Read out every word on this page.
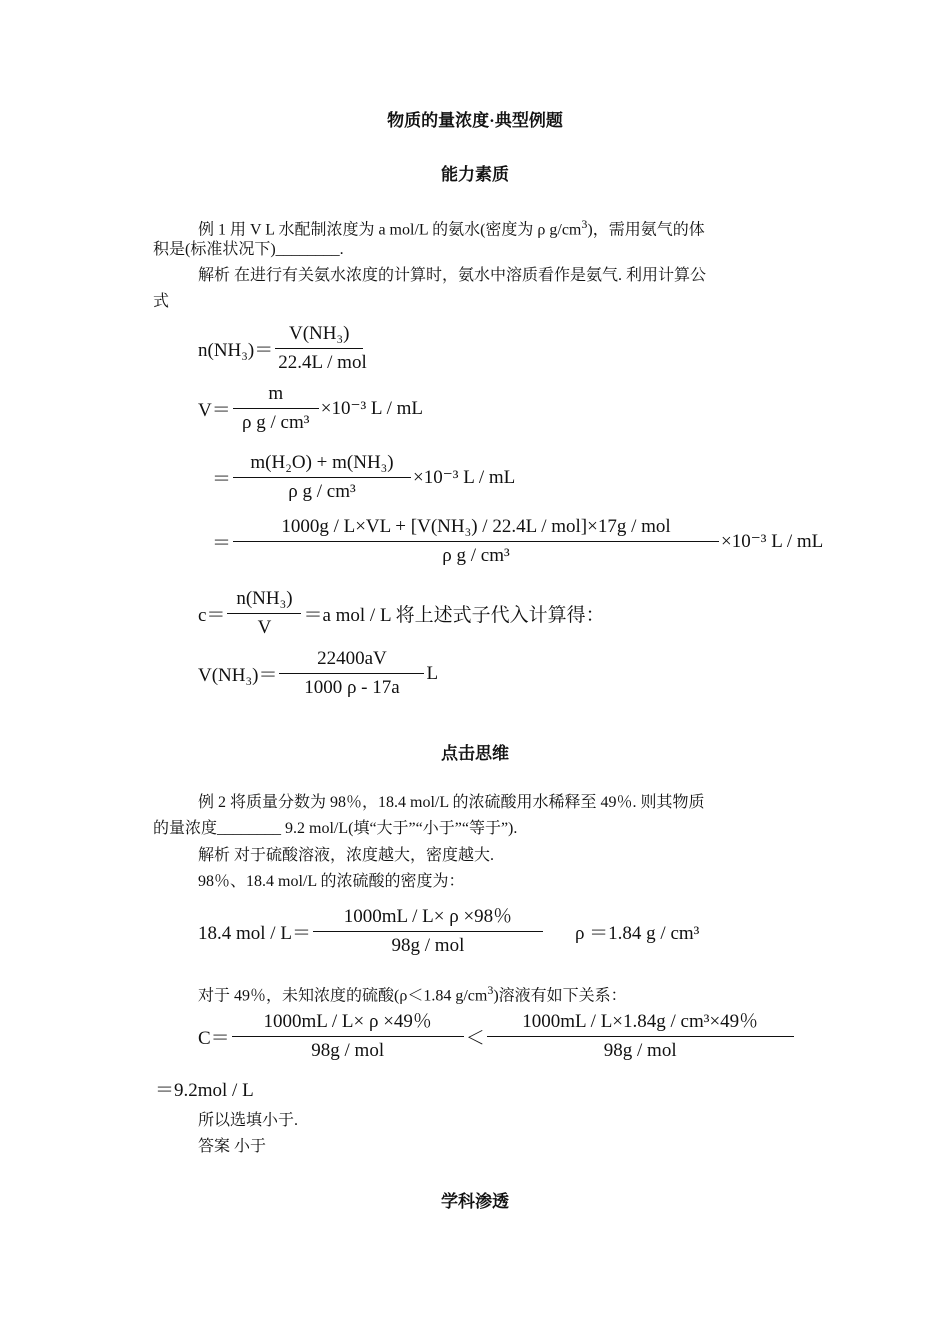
物质的量浓度·典型例题
能力素质
例 1 用 V L 水配制浓度为 a mol/L 的氨水(密度为 ρ $g/cm^3$)，需用氨气的体
积是(标准状况下)________.
解析 在进行有关氨水浓度的计算时，氨水中溶质看作是氨气. 利用计算公
式
$n(NH_3)= \frac{\text{V(NH₃)}}{\text{22.4L / mol}}$
$V= \frac{m}{\text{ρ g / cm³}} \times 10^{-3}$ L / mL
＝ $\frac{\text{m(H₂O) + m(NH₃)}}{\text{ρ g / cm³}} \times 10^{-3}$ L / mL
＝ $\frac{\text{1000g / L×VL + [V(NH₃) / 22.4L / mol]×17g / mol}}{\text{ρ g / cm³}} \times 10^{-3}$ L / mL
$c= \frac{\text{n(NH₃)}}{V} =a$ mol / L 将上述式子代入计算得：
$V(NH_3)= \frac{22400aV}{1000 \rho - 17a}$ L
点击思维
例 2 将质量分数为 98％，18.4 mol/L 的浓硫酸用水稀释至 49％. 则其物质
的量浓度________ 9.2 mol/L(填“大于”“小于”“等于”).
解析 对于硫酸溶液，浓度越大，密度越大.
98％、18.4 mol/L 的浓硫酸的密度为：
18.4 mol / $L= \frac{1000mL / L\times \rho \times 98\%}{\text{98g / mol}}$ ρ ＝1.84 g / cm³
对于 49％，未知浓度的硫酸(ρ＜1.84 $g/cm^3$)溶液有如下关系：
$C= \frac{1000mL / L\times \rho \times 49\%}{\text{98g / mol}} < \frac{\text{1000mL / L×1.84g / cm³×49％}}{\text{98g / mol}}$
＝9.2mol / L
所以选填小于.
答案 小于
学科渗透
